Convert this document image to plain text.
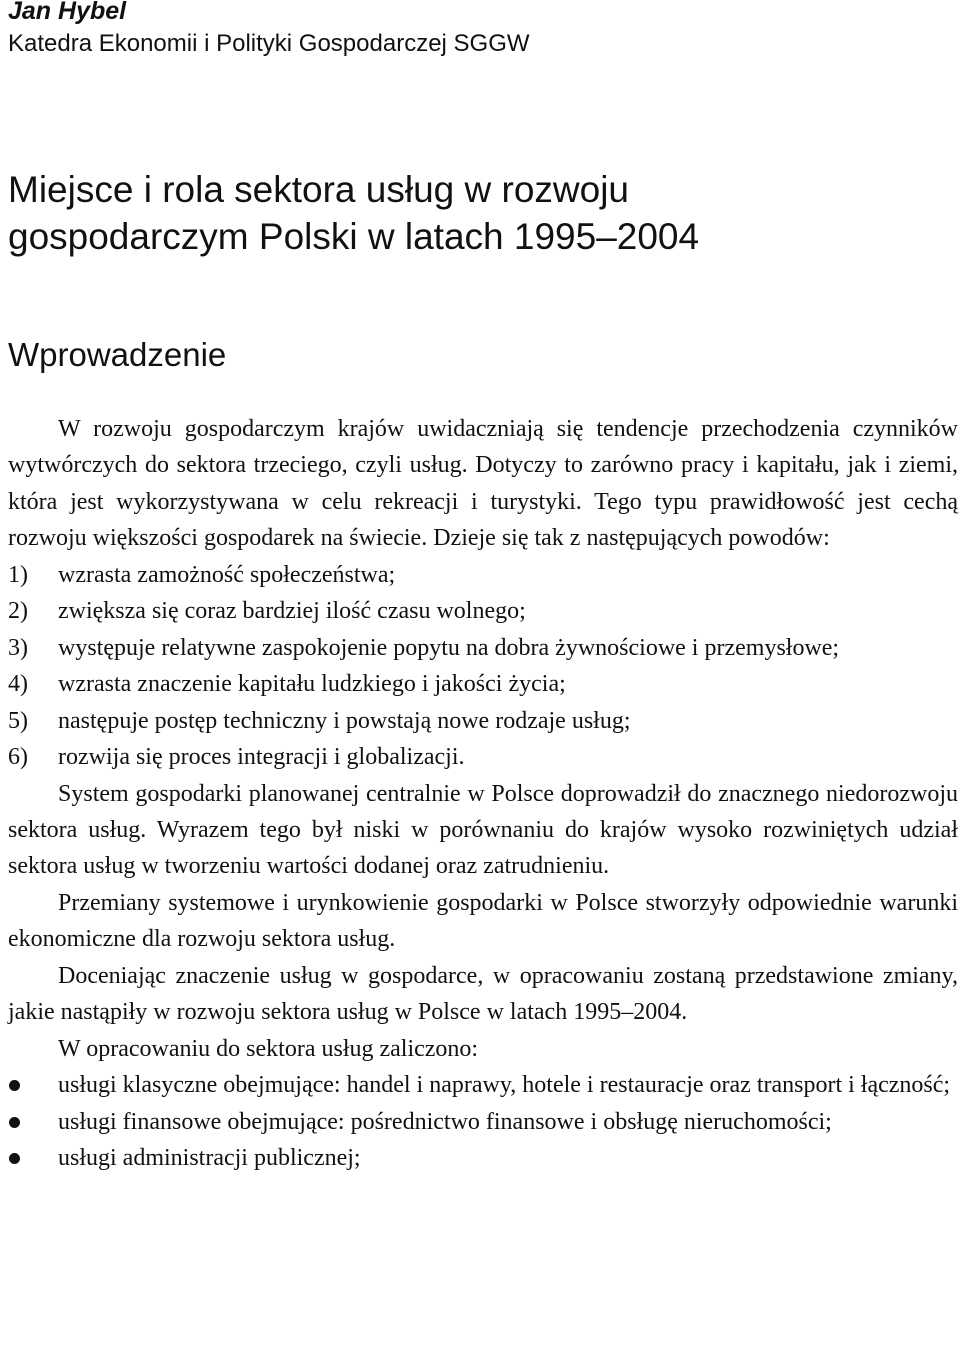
Jan Hybel

Katedra Ekonomii i Polityki Gospodarczej SGGW

Miejsce i rola sektora usług w rozwoju
gospodarczym Polski w latach 1995–2004
Wprowadzenie

W rozwoju gospodarczym krajów uwidaczniają się tendencje przechodzenia czynników wytwórczych do sektora trzeciego, czyli usług. Dotyczy to zarówno pracy i kapitału, jak i ziemi, która jest wykorzystywana w celu rekreacji i turystyki. Tego typu prawidłowość jest cechą rozwoju większości gospodarek na świecie. Dzieje się tak z następujących powodów:

1) wzrasta zamożność społeczeństwa;
2) zwiększa się coraz bardziej ilość czasu wolnego;
3) występuje relatywne zaspokojenie popytu na dobra żywnościowe i przemysłowe;
4) wzrasta znaczenie kapitału ludzkiego i jakości życia;
5) następuje postęp techniczny i powstają nowe rodzaje usług;
6) rozwija się proces integracji i globalizacji.

System gospodarki planowanej centralnie w Polsce doprowadził do znacznego niedorozwoju sektora usług. Wyrazem tego był niski w porównaniu do krajów wysoko rozwiniętych udział sektora usług w tworzeniu wartości dodanej oraz zatrudnieniu.

Przemiany systemowe i urynkowienie gospodarki w Polsce stworzyły odpowiednie warunki ekonomiczne dla rozwoju sektora usług.

Doceniając znaczenie usług w gospodarce, w opracowaniu zostaną przedstawione zmiany, jakie nastąpiły w rozwoju sektora usług w Polsce w latach 1995–2004.

W opracowaniu do sektora usług zaliczono:

usługi klasyczne obejmujące: handel i naprawy, hotele i restauracje oraz transport i łączność;
usługi finansowe obejmujące: pośrednictwo finansowe i obsługę nieruchomości;
usługi administracji publicznej;
